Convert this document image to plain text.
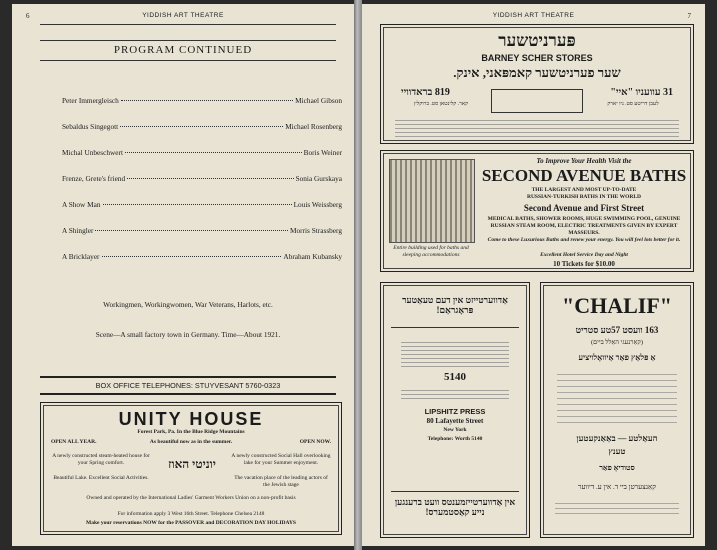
6	YIDDISH ART THEATRE
PROGRAM CONTINUED
Peter Immergleisch	Michael Gibson
Sebaldus Singegott	Michael Rosenberg
Michal Unbeschwert	Boris Weiner
Frenze, Grete's friend	Sonia Gurskaya
A Show Man	Louis Weissberg
A Shingler	Morris Strassberg
A Bricklayer	Abraham Kubansky
Workingmen, Workingwomen, War Veterans, Harlots, etc.
Scene—A small factory town in Germany. Time—About 1921.
BOX OFFICE TELEPHONES: STUYVESANT 5760-0323
UNITY HOUSE
Forest Park, Pa. In the Blue Ridge Mountains
OPEN ALL YEAR.	As beautiful now as in the summer.	OPEN NOW.
A newly constructed steam-heated house for your Spring comfort.
Beautiful Lake. Excellent Social Activities.
יוניטי האוז
A newly constructed Social Hall overlooking lake for your Summer enjoyment.
The vacation place of the leading actors of the Jewish stage
Owned and operated by the International Ladies' Garment Workers Union on a non-profit basis
For information apply 3 West 16th Street. Telephone Chelsea 2148
Make your reservations NOW for the PASSOVER and DECORATION DAY HOLIDAYS
YIDDISH ART THEATRE	7
פּערניטשער
BARNEY SCHER STORES
שער פערניטשער קאמפּאני, אינק.
819 בראדוויי
קאר. קלינטאן סט. ברוקלין
31 עוועניו "איי"
לעבן דריטע סט. ניו יארק
Entire building used for baths and sleeping accommodations
To Improve Your Health Visit the
SECOND AVENUE BATHS
THE LARGEST AND MOST UP-TO-DATE
RUSSIAN-TURKISH BATHS IN THE WORLD
Second Avenue and First Street
MEDICAL BATHS, SHOWER ROOMS, HUGE SWIMMING POOL, GENUINE RUSSIAN STEAM ROOM, ELECTRIC TREATMENTS GIVEN BY EXPERT MASSEURS.
Come to these Luxurious Baths and renew your energy. You will feel lots better for it.
Excellent Hotel Service Day and Night
10 Tickets for $10.00
אַדווערטייזט אין דעם טעאַטער פּראָגראַם!
5140
LIPSHITZ PRESS
80 Lafayette Street
New York
Telephone: Worth 5140
אין אַדווערטייזמענטס וועט ברענגען נייע קאַסטמערס!
"CHALIF"
163 וועסט 57טע סטריט
(קאַרנעגי האַלל ביים)
אַ פּלאַץ פאַר אַיוואָלויציע
העאַלטע — באַאַנקעטען
טענץ
סטודיאָ פאַר
קאַנצערטן ביי ד. אין ע. דיווער
